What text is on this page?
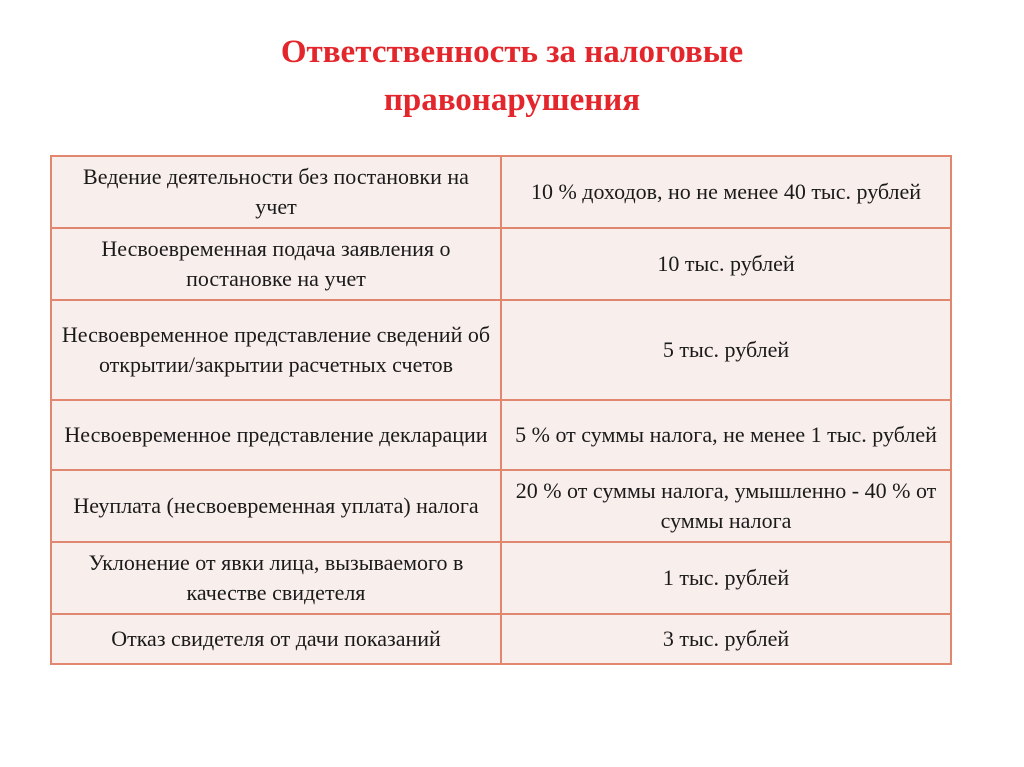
Ответственность за налоговые
правонарушения
Ведение деятельности без постановки на учет	10 % доходов, но не менее 40 тыс. рублей
Несвоевременная подача заявления о постановке на учет	10 тыс. рублей
Несвоевременное представление сведений об открытии/закрытии расчетных счетов	5 тыс. рублей
Несвоевременное представление декларации	5 % от суммы налога, не менее 1 тыс. рублей
Неуплата (несвоевременная уплата) налога	20 % от суммы налога, умышленно - 40 % от суммы налога
Уклонение от явки лица, вызываемого в качестве свидетеля	1 тыс. рублей
Отказ свидетеля от дачи показаний	3 тыс. рублей
